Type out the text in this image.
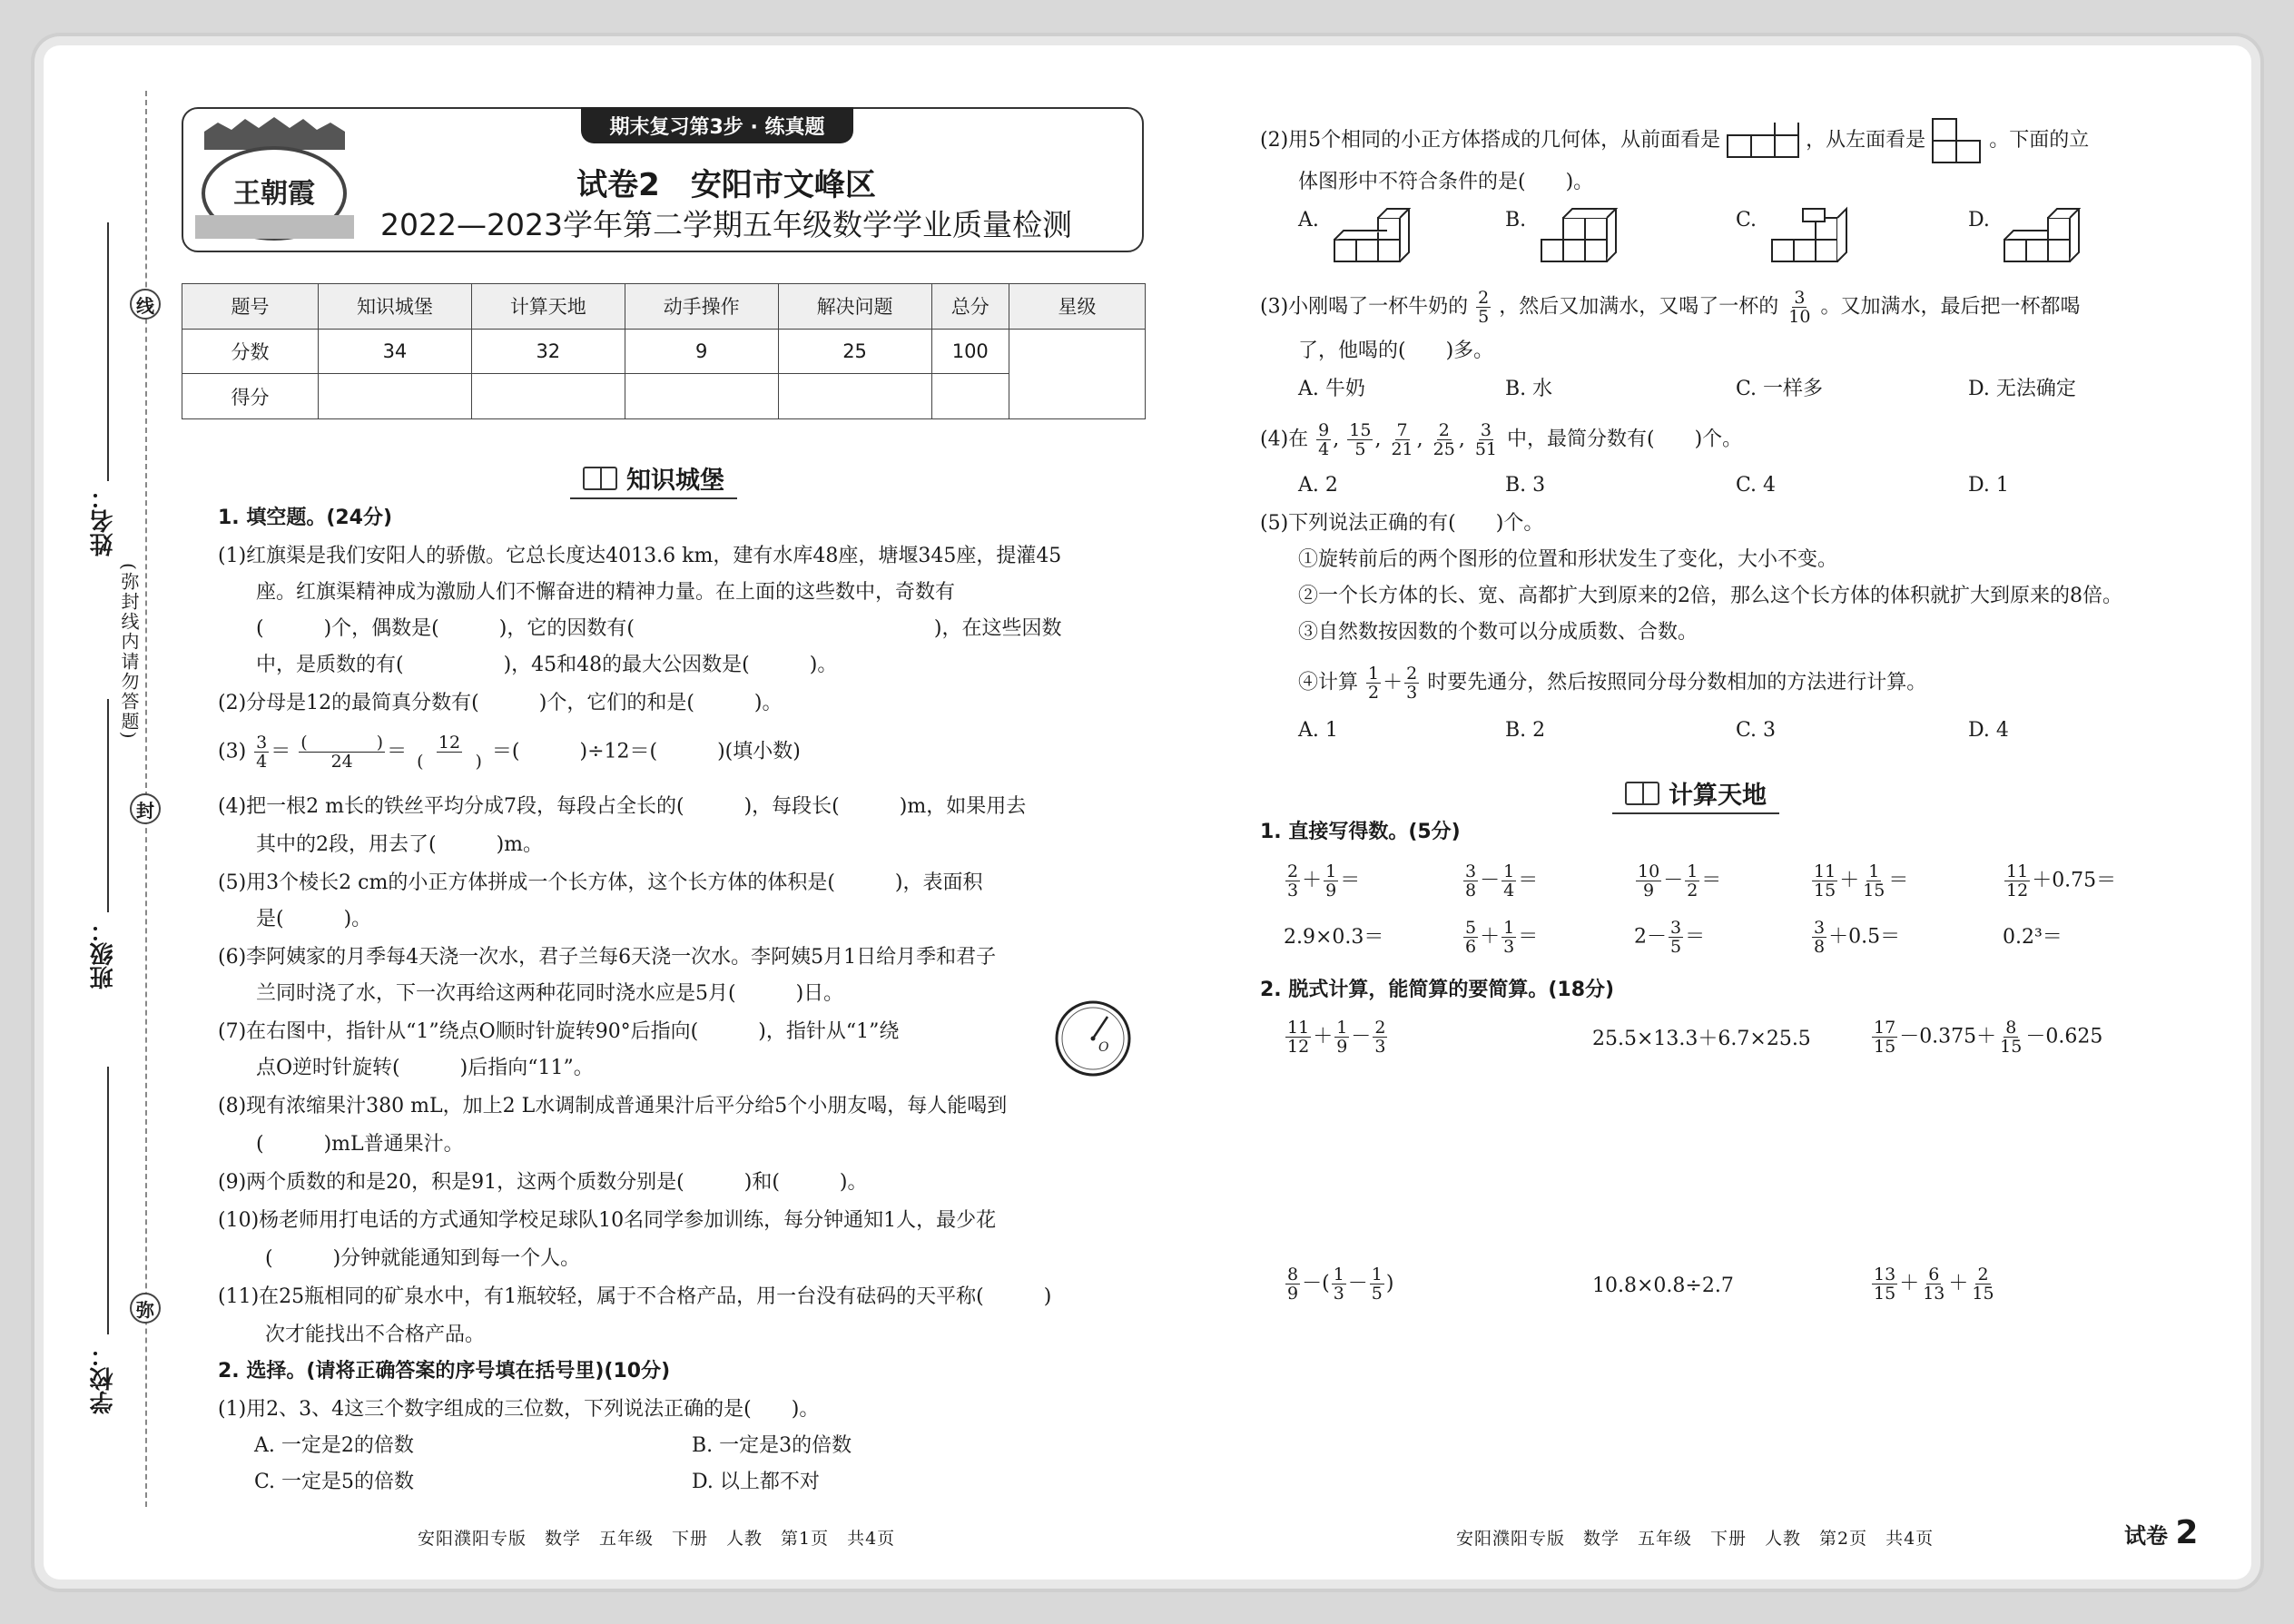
线
封
弥
(弥封线内请勿答题)
姓名：
班级：
学校：
期末复习第3步 · 练真题
王朝霞	试卷2　安阳市文峰区
2022—2023学年第二学期五年级数学学业质量检测
题号	知识城堡	计算天地	动手操作	解决问题	总分	星级
分数	34	32	9	25	100	
得分						
知识城堡
1. 填空题。(24分)
(1)红旗渠是我们安阳人的骄傲。它总长度达4013.6 km，建有水库48座，塘堰345座，提灌45
座。红旗渠精神成为激励人们不懈奋进的精神力量。在上面的这些数中，奇数有
(　　　)个，偶数是(　　　)，它的因数有(　　　　　　　　　　　　　　　)，在这些因数
中，是质数的有(　　　　　)，45和48的最大公因数是(　　　)。
(2)分母是12的最简真分数有(　　　)个，它们的和是(　　　)。
$(3) \frac{3}{4} = \frac{( )}{24} = \frac{12}{( )}$ ＝(　　　)÷12＝(　　　)(填小数)
(4)把一根2 m长的铁丝平均分成7段，每段占全长的(　　　)，每段长(　　　)m，如果用去
其中的2段，用去了(　　　)m。
(5)用3个棱长2 cm的小正方体拼成一个长方体，这个长方体的体积是(　　　)，表面积
是(　　　)。
(6)李阿姨家的月季每4天浇一次水，君子兰每6天浇一次水。李阿姨5月1日给月季和君子
兰同时浇了水，下一次再给这两种花同时浇水应是5月(　　　)日。
(7)在右图中，指针从“1”绕点O顺时针旋转90°后指向(　　　)，指针从“1”绕
点O逆时针旋转(　　　)后指向“11”。
O
(8)现有浓缩果汁380 mL，加上2 L水调制成普通果汁后平分给5个小朋友喝，每人能喝到
(　　　)mL普通果汁。
(9)两个质数的和是20，积是91，这两个质数分别是(　　　)和(　　　)。
(10)杨老师用打电话的方式通知学校足球队10名同学参加训练，每分钟通知1人，最少花
(　　　)分钟就能通知到每一个人。
(11)在25瓶相同的矿泉水中，有1瓶较轻，属于不合格产品，用一台没有砝码的天平称(　　　)
次才能找出不合格产品。
2. 选择。(请将正确答案的序号填在括号里)(10分)
(1)用2、3、4这三个数字组成的三位数，下列说法正确的是(　　)。
A. 一定是2的倍数	B. 一定是3的倍数
C. 一定是5的倍数	D. 以上都不对
安阳濮阳专版　数学　五年级　下册　人教　第1页　共4页
(2)用5个相同的小正方体搭成的几何体，从前面看是	，从左面看是	。下面的立
体图形中不符合条件的是(　　)。
A.	B.	C.	D.
(3)小刚喝了一杯牛奶的 $\frac{2}{5}$ ，然后又加满水，又喝了一杯的 $\frac{3}{10}$ 。又加满水，最后把一杯都喝
了，他喝的(　　)多。
A. 牛奶	B. 水	C. 一样多	D. 无法确定
(4)在 $\frac{9}{4}$ , $\frac{15}{5}$ , $\frac{7}{21}$ , $\frac{2}{25}$ , $\frac{3}{51}$ 中，最简分数有(　　)个。
A. 2	B. 3	C. 4	D. 1
(5)下列说法正确的有(　　)个。
①旋转前后的两个图形的位置和形状发生了变化，大小不变。
②一个长方体的长、宽、高都扩大到原来的2倍，那么这个长方体的体积就扩大到原来的8倍。
③自然数按因数的个数可以分成质数、合数。
④计算 $\frac{1}{2} + \frac{2}{3}$ 时要先通分，然后按照同分母分数相加的方法进行计算。
A. 1	B. 2	C. 3	D. 4
计算天地
1. 直接写得数。(5分)
$\frac{2}{3} + \frac{1}{9}$ ＝	$\frac{3}{8} - \frac{1}{4}$ ＝	$\frac{10}{9} - \frac{1}{2}$ ＝	$\frac{11}{15} + \frac{1}{15}$ ＝	$\frac{11}{12} +0.75=$
2.9×0.3＝	$\frac{5}{6} + \frac{1}{3}$ ＝	$2- \frac{3}{5}$ ＝	$\frac{3}{8} +0.5=$	0.2³＝
2. 脱式计算，能简算的要简算。(18分)
$\frac{11}{12} + \frac{1}{9} - \frac{2}{3}$	25.5×13.3＋6.7×25.5	$\frac{17}{15} -0.375+ \frac{8}{15} -0.625$
$\frac{8}{9}$ －( $\frac{1}{3} - \frac{1}{5}$ )	10.8×0.8÷2.7	$\frac{13}{15} + \frac{6}{13} + \frac{2}{15}$
安阳濮阳专版　数学　五年级　下册　人教　第2页　共4页	试卷 2
